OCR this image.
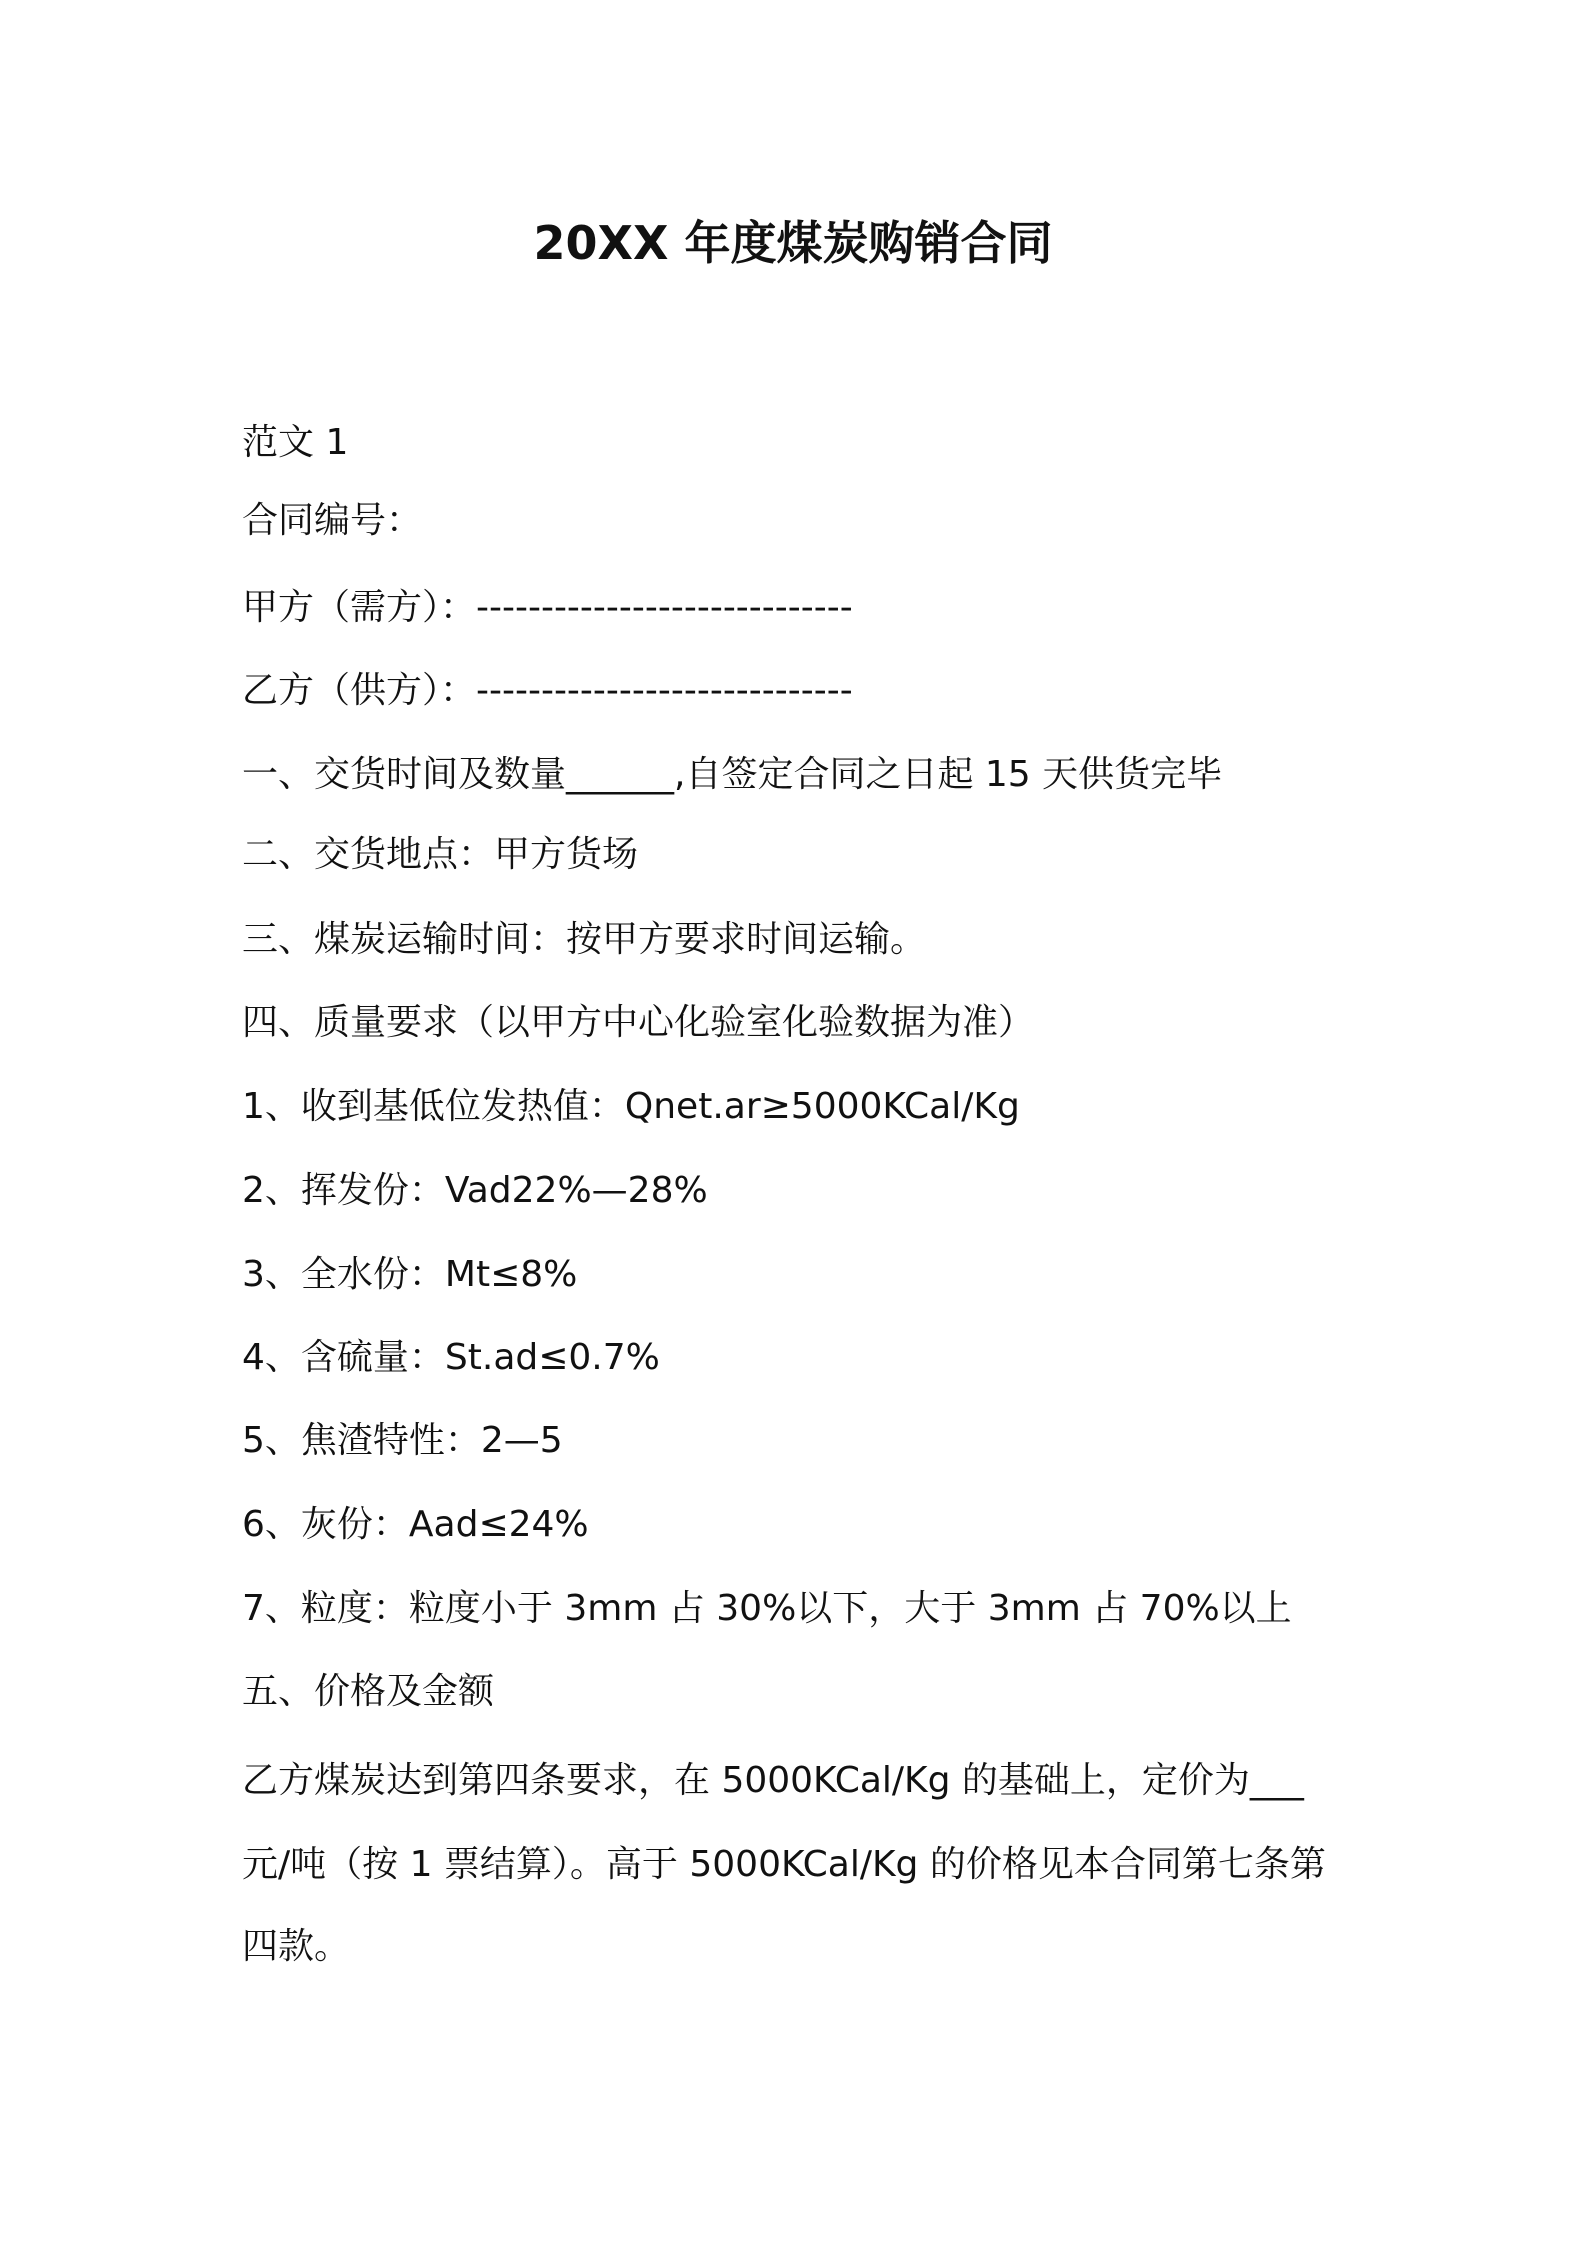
20XX 年度煤炭购销合同
范文 1
合同编号：
甲方（需方）：-----------------------------
乙方（供方）：-----------------------------
一、交货时间及数量______,自签定合同之日起 15 天供货完毕
二、交货地点：甲方货场
三、煤炭运输时间：按甲方要求时间运输。
四、质量要求（以甲方中心化验室化验数据为准）
1、收到基低位发热值：Qnet.ar≥5000KCal/Kg
2、挥发份：Vad22%—28%
3、全水份：Mt≤8%
4、含硫量：St.ad≤0.7%
5、焦渣特性：2—5
6、灰份：Aad≤24%
7、粒度：粒度小于 3mm 占 30%以下，大于 3mm 占 70%以上
五、价格及金额
乙方煤炭达到第四条要求，在 5000KCal/Kg 的基础上，定价为___
元/吨（按 1 票结算）。高于 5000KCal/Kg 的价格见本合同第七条第
四款。
